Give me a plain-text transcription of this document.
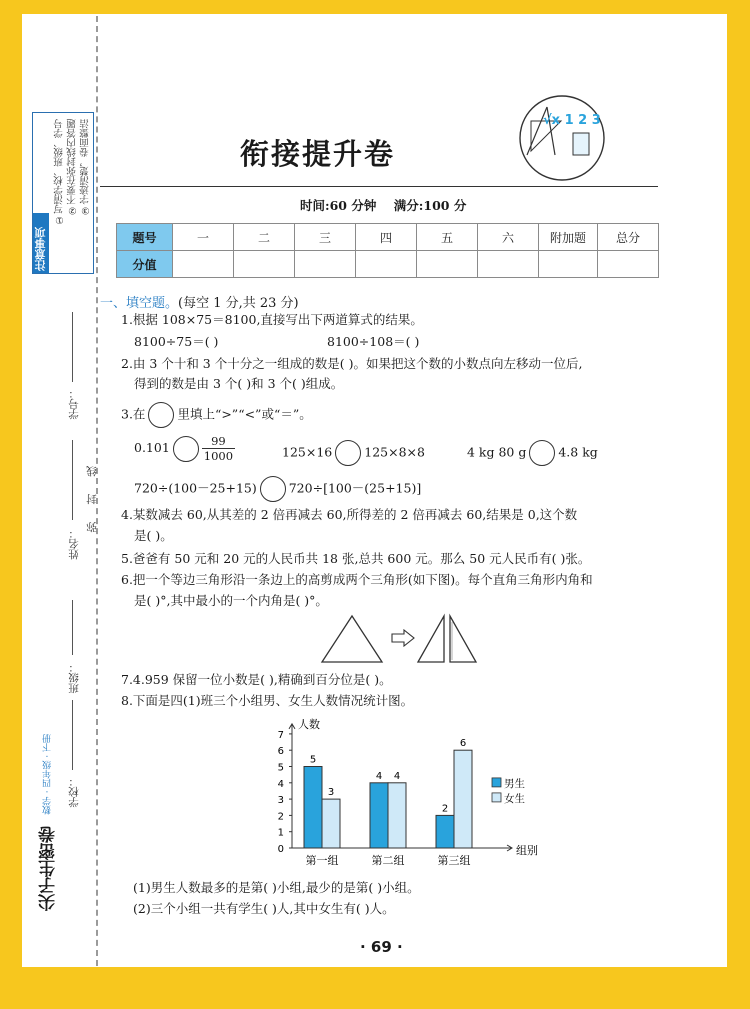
注意事项
①写清学校、班级、学号 ②不要在弥封线内答题 ③字迹清楚，卷面整洁
学号：
姓名：
班级：
学校：
线
封
弥
数学 · 四年级 · 下册
尖子生密卷
衔接提升卷
√x 1 2 3
时间:60 分钟    满分:100 分
题号	一	二	三	四	五	六	附加题	总分
分值								
一、填空题。(每空 1 分,共 23 分)
1.根据 108×75＝8100,直接写出下两道算式的结果。
8100÷75＝( )	8100÷108＝( )
2.由 3 个十和 3 个十分之一组成的数是( )。如果把这个数的小数点向左移动一位后,
得到的数是由 3 个( )和 3 个( )组成。
3.在	里填上“>”“<”或“＝”。
0.101	$\frac{99}{1000}$	125×16	125×8×8	4 kg 80 g	4.8 kg
720÷(100－25+15)	720÷[100－(25+15)]
4.某数减去 60,从其差的 2 倍再减去 60,所得差的 2 倍再减去 60,结果是 0,这个数
是( )。
5.爸爸有 50 元和 20 元的人民币共 18 张,总共 600 元。那么 50 元人民币有( )张。
6.把一个等边三角形沿一条边上的高剪成两个三角形(如下图)。每个直角三角形内角和
是( )°,其中最小的一个内角是( )°。
7.4.959 保留一位小数是( ),精确到百分位是( )。
8.下面是四(1)班三个小组男、女生人数情况统计图。
人数
组别
0
1
2
3
4
5
6
7
5
3
第一组
4 4
第二组
2
6
第三组
男生
女生
(1)男生人数最多的是第( )小组,最少的是第( )小组。
(2)三个小组一共有学生( )人,其中女生有( )人。
· 69 ·
